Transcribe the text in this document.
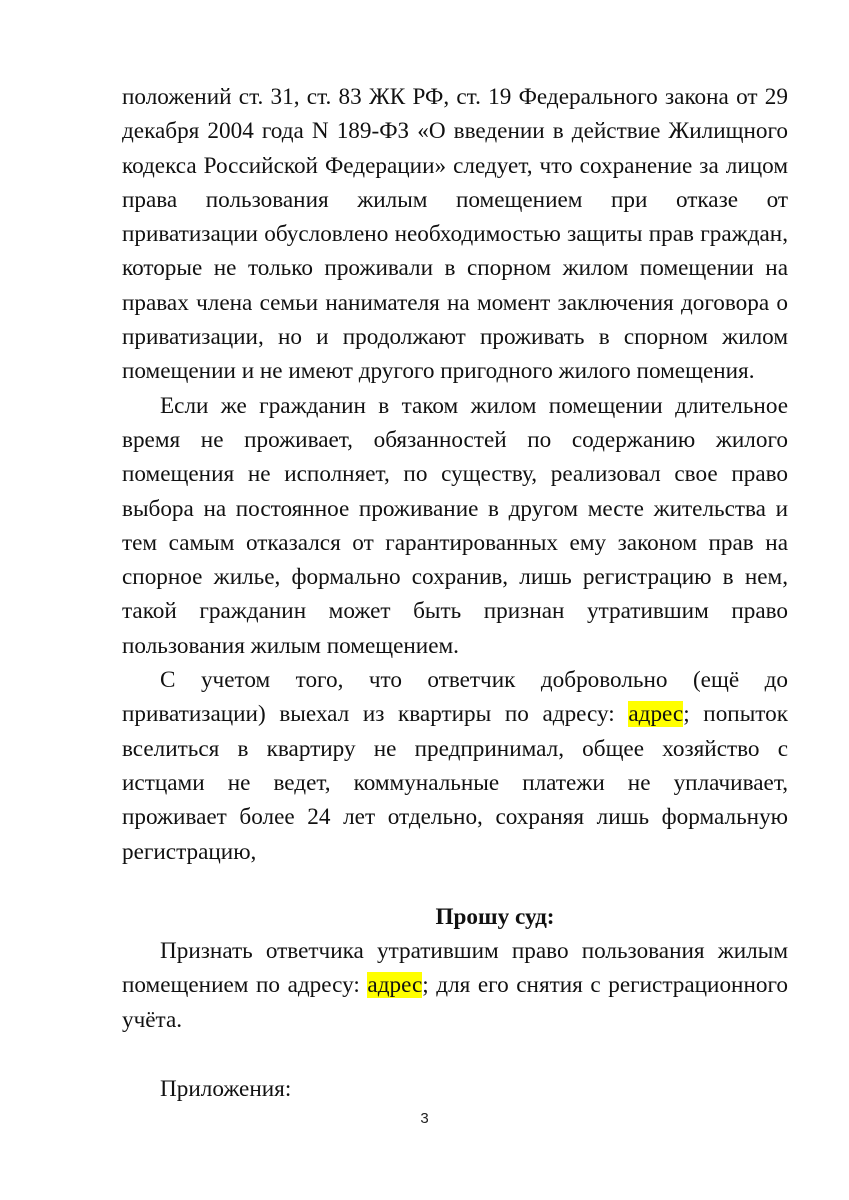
положений ст. 31, ст. 83 ЖК РФ, ст. 19 Федерального закона от 29 декабря 2004 года N 189-ФЗ «О введении в действие Жилищного кодекса Российской Федерации» следует, что сохранение за лицом права пользования жилым помещением при отказе от приватизации обусловлено необходимостью защиты прав граждан, которые не только проживали в спорном жилом помещении на правах члена семьи нанимателя на момент заключения договора о приватизации, но и продолжают проживать в спорном жилом помещении и не имеют другого пригодного жилого помещения.

Если же гражданин в таком жилом помещении длительное время не проживает, обязанностей по содержанию жилого помещения не исполняет, по существу, реализовал свое право выбора на постоянное проживание в другом месте жительства и тем самым отказался от гарантированных ему законом прав на спорное жилье, формально сохранив, лишь регистрацию в нем, такой гражданин может быть признан утратившим право пользования жилым помещением.

С учетом того, что ответчик добровольно (ещё до приватизации) выехал из квартиры по адресу: адрес; попыток вселиться в квартиру не предпринимал, общее хозяйство с истцами не ведет, коммунальные платежи не уплачивает, проживает более 24 лет отдельно, сохраняя лишь формальную регистрацию,

Прошу суд:

Признать ответчика утратившим право пользования жилым помещением по адресу: адрес; для его снятия с регистрационного учёта.

Приложения:

3
